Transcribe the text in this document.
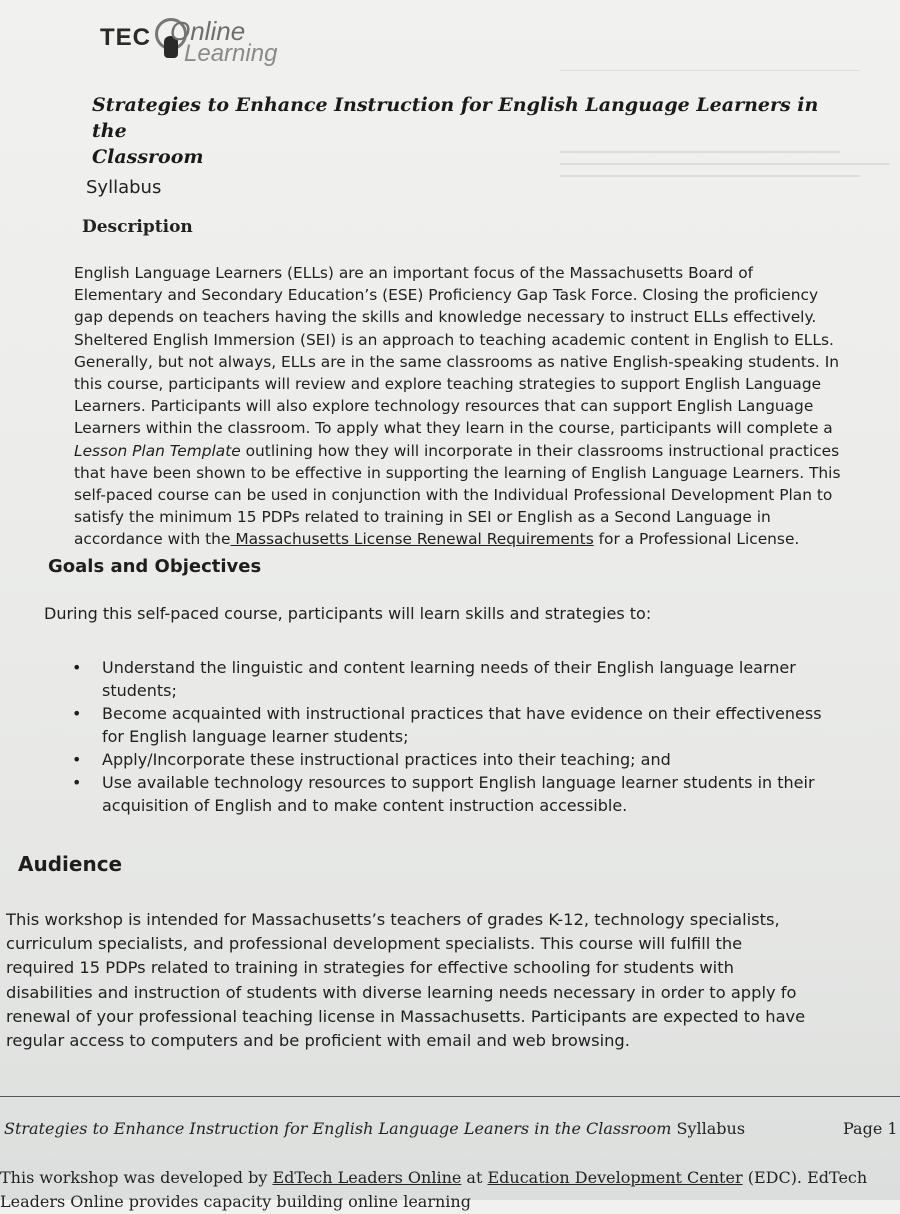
TEC Online
Learning
Strategies to Enhance Instruction for English Language Learners in the
Classroom
Syllabus
Description
English Language Learners (ELLs) are an important focus of the Massachusetts Board of
Elementary and Secondary Education’s (ESE) Proficiency Gap Task Force. Closing the proficiency
gap depends on teachers having the skills and knowledge necessary to instruct ELLs effectively.
Sheltered English Immersion (SEI) is an approach to teaching academic content in English to ELLs.
Generally, but not always, ELLs are in the same classrooms as native English-speaking students. In
this course, participants will review and explore teaching strategies to support English Language
Learners. Participants will also explore technology resources that can support English Language
Learners within the classroom. To apply what they learn in the course, participants will complete a
Lesson Plan Template outlining how they will incorporate in their classrooms instructional practices
that have been shown to be effective in supporting the learning of English Language Learners. This
self-paced course can be used in conjunction with the Individual Professional Development Plan to
satisfy the minimum 15 PDPs related to training in SEI or English as a Second Language in
accordance with the Massachusetts License Renewal Requirements for a Professional License.
Goals and Objectives
During this self-paced course, participants will learn skills and strategies to:
• Understand the linguistic and content learning needs of their English language learner
students;
• Become acquainted with instructional practices that have evidence on their effectiveness
for English language learner students;
• Apply/Incorporate these instructional practices into their teaching; and
• Use available technology resources to support English language learner students in their
acquisition of English and to make content instruction accessible.
Audience
This workshop is intended for Massachusetts’s teachers of grades K-12, technology specialists,
curriculum specialists, and professional development specialists. This course will fulfill the
required 15 PDPs related to training in strategies for effective schooling for students with
disabilities and instruction of students with diverse learning needs necessary in order to apply fo
renewal of your professional teaching license in Massachusetts. Participants are expected to have
regular access to computers and be proficient with email and web browsing.
Strategies to Enhance Instruction for English Language Leaners in the Classroom Syllabus	Page 1
This workshop was developed by EdTech Leaders Online at Education Development Center (EDC). EdTech
Leaders Online provides capacity building online learning
